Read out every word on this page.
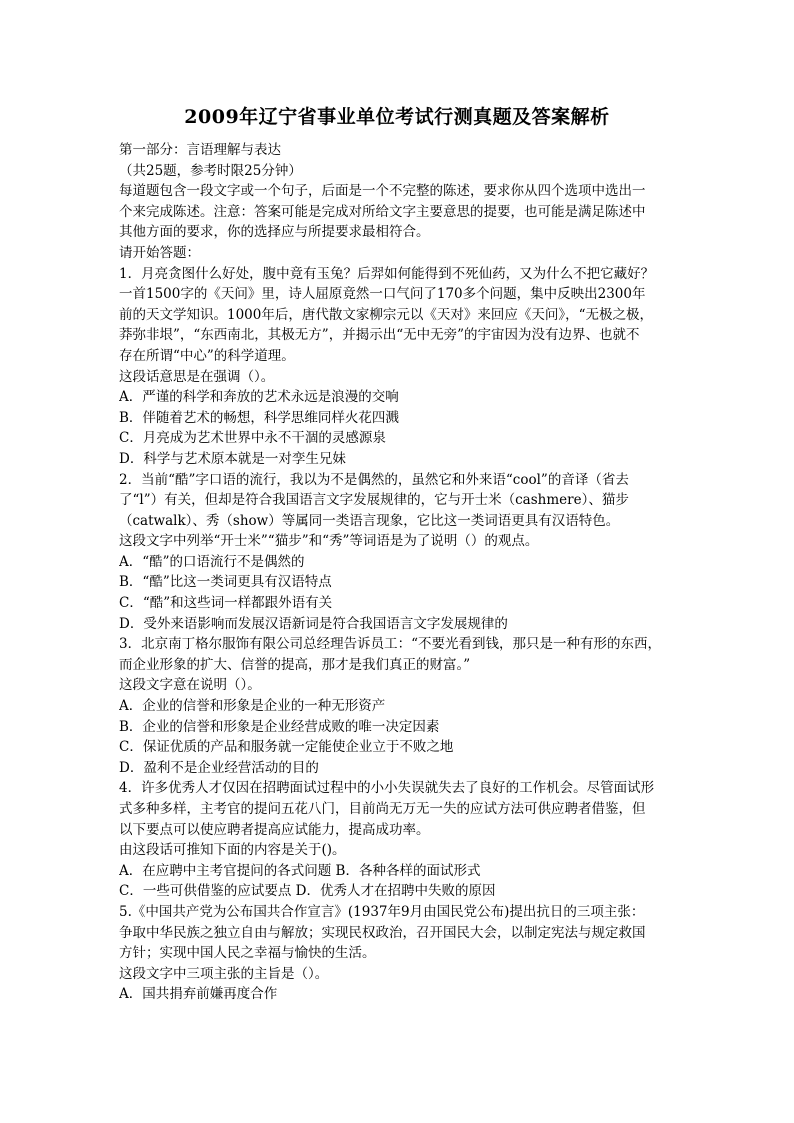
2009年辽宁省事业单位考试行测真题及答案解析
第一部分：言语理解与表达
（共25题，参考时限25分钟）
每道题包含一段文字或一个句子，后面是一个不完整的陈述，要求你从四个选项中选出一
个来完成陈述。注意：答案可能是完成对所给文字主要意思的提要，也可能是满足陈述中
其他方面的要求，你的选择应与所提要求最相符合。
请开始答题：
1．月亮贪图什么好处，腹中竟有玉兔？后羿如何能得到不死仙药，又为什么不把它藏好？
一首1500字的《天问》里，诗人屈原竟然一口气问了170多个问题，集中反映出2300年
前的天文学知识。1000年后，唐代散文家柳宗元以《天对》来回应《天问》，“无极之极，
莽弥非垠”，“东西南北，其极无方”，并揭示出“无中无旁”的宇宙因为没有边界、也就不
存在所谓“中心”的科学道理。
这段话意思是在强调（）。
A．严谨的科学和奔放的艺术永远是浪漫的交响
B．伴随着艺术的畅想，科学思维同样火花四溅
C．月亮成为艺术世界中永不干涸的灵感源泉
D．科学与艺术原本就是一对孪生兄妹
2．当前“酷”字口语的流行，我以为不是偶然的，虽然它和外来语“cool”的音译（省去
了“l”）有关，但却是符合我国语言文字发展规律的，它与开士米（cashmere）、猫步
（catwalk）、秀（show）等属同一类语言现象，它比这一类词语更具有汉语特色。
这段文字中列举“开士米”“猫步”和“秀”等词语是为了说明（）的观点。
A．“酷”的口语流行不是偶然的
B．“酷”比这一类词更具有汉语特点
C．“酷”和这些词一样都跟外语有关
D．受外来语影响而发展汉语新词是符合我国语言文字发展规律的
3．北京南丁格尔服饰有限公司总经理告诉员工：“不要光看到钱，那只是一种有形的东西，
而企业形象的扩大、信誉的提高，那才是我们真正的财富。”
这段文字意在说明（）。
A．企业的信誉和形象是企业的一种无形资产
B．企业的信誉和形象是企业经营成败的唯一决定因素
C．保证优质的产品和服务就一定能使企业立于不败之地
D．盈利不是企业经营活动的目的
4．许多优秀人才仅因在招聘面试过程中的小小失误就失去了良好的工作机会。尽管面试形
式多种多样，主考官的提问五花八门，目前尚无万无一失的应试方法可供应聘者借鉴，但
以下要点可以使应聘者提高应试能力，提高成功率。
由这段话可推知下面的内容是关于()。
A．在应聘中主考官提问的各式问题 B．各种各样的面试形式
C．一些可供借鉴的应试要点 D．优秀人才在招聘中失败的原因
5.《中国共产党为公布国共合作宣言》(1937年9月由国民党公布)提出抗日的三项主张：
争取中华民族之独立自由与解放；实现民权政治，召开国民大会，以制定宪法与规定救国
方针；实现中国人民之幸福与愉快的生活。
这段文字中三项主张的主旨是（）。
A．国共捐弃前嫌再度合作
